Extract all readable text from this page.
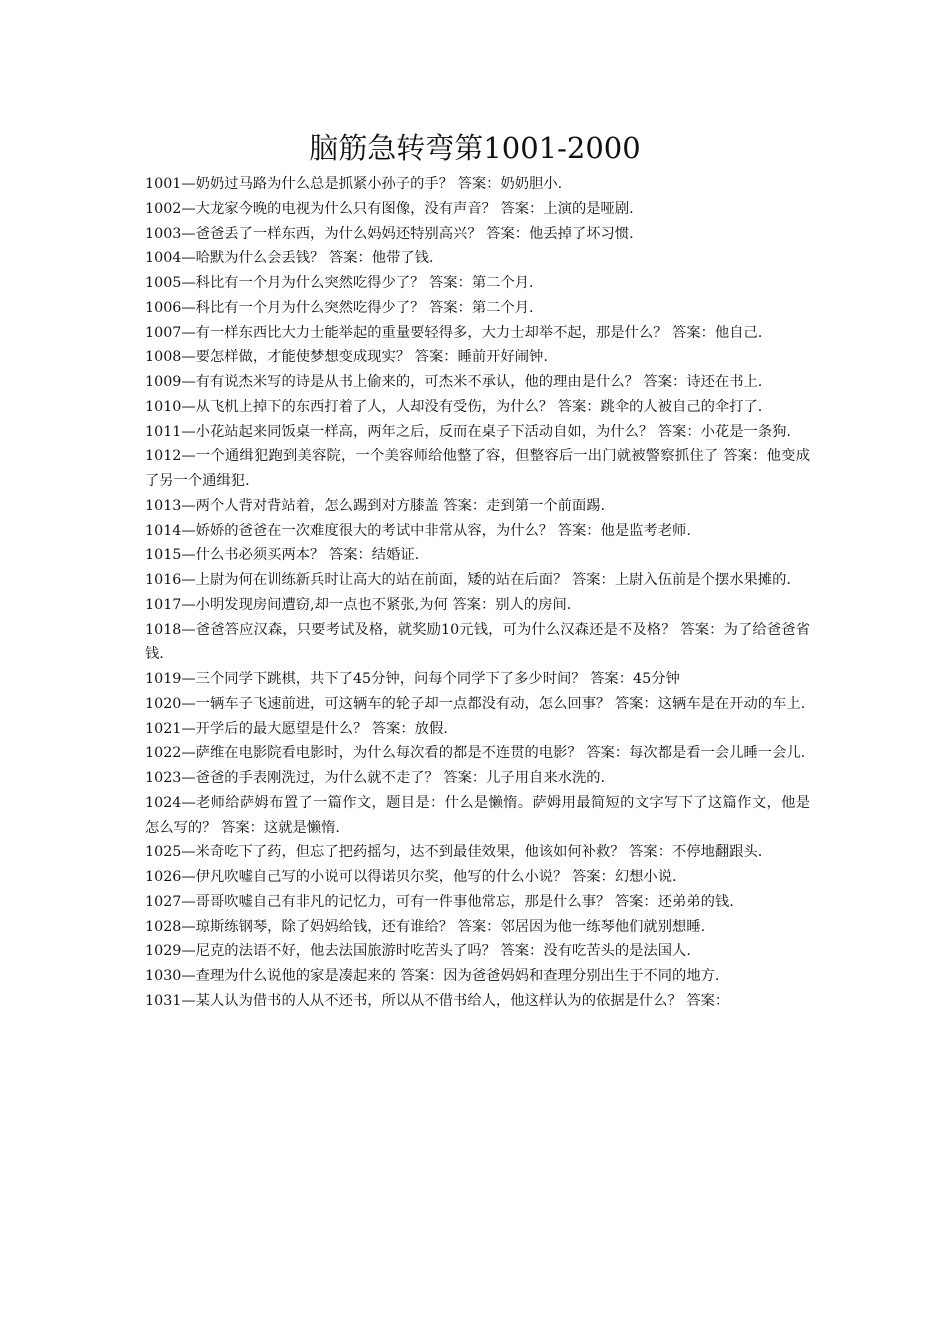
脑筋急转弯第1001-2000

1001—奶奶过马路为什么总是抓紧小孙子的手？ 答案：奶奶胆小.

1002—大龙家今晚的电视为什么只有图像，没有声音？ 答案：上演的是哑剧.

1003—爸爸丢了一样东西，为什么妈妈还特别高兴？ 答案：他丢掉了坏习惯.

1004—哈默为什么会丢钱？ 答案：他带了钱.

1005—科比有一个月为什么突然吃得少了？ 答案：第二个月.

1006—科比有一个月为什么突然吃得少了？ 答案：第二个月.

1007—有一样东西比大力士能举起的重量要轻得多，大力士却举不起，那是什么？ 答案：他自己.

1008—要怎样做，才能使梦想变成现实？ 答案：睡前开好闹钟.

1009—有有说杰米写的诗是从书上偷来的，可杰米不承认，他的理由是什么？ 答案：诗还在书上.

1010—从飞机上掉下的东西打着了人，人却没有受伤，为什么？ 答案：跳伞的人被自己的伞打了.

1011—小花站起来同饭桌一样高，两年之后，反而在桌子下活动自如，为什么？ 答案：小花是一条狗.

1012—一个通缉犯跑到美容院，一个美容师给他整了容，但整容后一出门就被警察抓住了 答案：他变成了另一个通缉犯.

1013—两个人背对背站着，怎么踢到对方膝盖 答案：走到第一个前面踢.

1014—娇娇的爸爸在一次难度很大的考试中非常从容，为什么？ 答案：他是监考老师.

1015—什么书必须买两本？ 答案：结婚证.

1016—上尉为何在训练新兵时让高大的站在前面，矮的站在后面？ 答案：上尉入伍前是个摆水果摊的.

1017—小明发现房间遭窃,却一点也不紧张,为何 答案：别人的房间.

1018—爸爸答应汉森，只要考试及格，就奖励10元钱，可为什么汉森还是不及格？ 答案：为了给爸爸省钱.

1019—三个同学下跳棋，共下了45分钟，问每个同学下了多少时间？ 答案：45分钟

1020—一辆车子飞速前进，可这辆车的轮子却一点都没有动，怎么回事？ 答案：这辆车是在开动的车上.

1021—开学后的最大愿望是什么？ 答案：放假.

1022—萨维在电影院看电影时，为什么每次看的都是不连贯的电影？ 答案：每次都是看一会儿睡一会儿.

1023—爸爸的手表刚洗过，为什么就不走了？ 答案：儿子用自来水洗的.

1024—老师给萨姆布置了一篇作文，题目是：什么是懒惰。萨姆用最简短的文字写下了这篇作文，他是怎么写的？ 答案：这就是懒惰.

1025—米奇吃下了药，但忘了把药摇匀，达不到最佳效果，他该如何补救？ 答案：不停地翻跟头.

1026—伊凡吹嘘自己写的小说可以得诺贝尔奖，他写的什么小说？ 答案：幻想小说.

1027—哥哥吹嘘自己有非凡的记忆力，可有一件事他常忘，那是什么事？ 答案：还弟弟的钱.

1028—琼斯练钢琴，除了妈妈给钱，还有谁给？ 答案：邻居因为他一练琴他们就别想睡.

1029—尼克的法语不好，他去法国旅游时吃苦头了吗？ 答案：没有吃苦头的是法国人.

1030—查理为什么说他的家是凑起来的 答案：因为爸爸妈妈和查理分别出生于不同的地方.

1031—某人认为借书的人从不还书，所以从不借书给人，他这样认为的依据是什么？ 答案：
